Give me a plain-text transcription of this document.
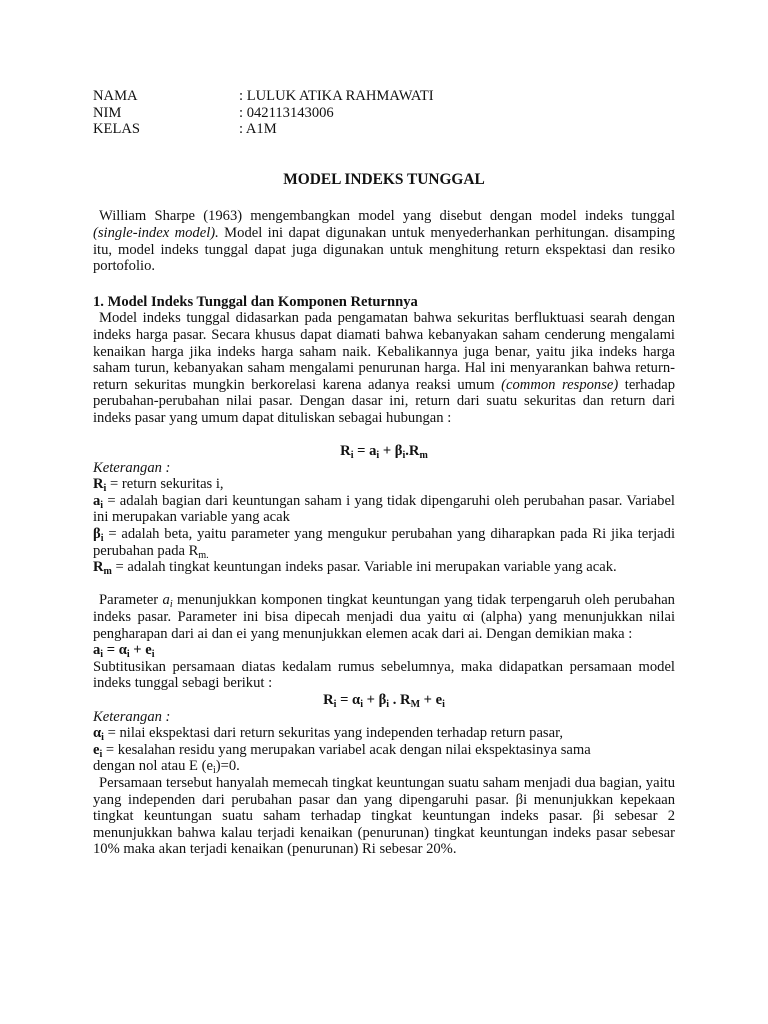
NAMA	: LULUK ATIKA RAHMAWATI
NIM	: 042113143006
KELAS	: A1M
MODEL INDEKS TUNGGAL

William Sharpe (1963) mengembangkan model yang disebut dengan model indeks tunggal (single-index model). Model ini dapat digunakan untuk menyederhankan perhitungan. disamping itu, model indeks tunggal dapat juga digunakan untuk menghitung return ekspektasi dan resiko portofolio.

1. Model Indeks Tunggal dan Komponen Returnnya

Model indeks tunggal didasarkan pada pengamatan bahwa sekuritas berfluktuasi searah dengan indeks harga pasar. Secara khusus dapat diamati bahwa kebanyakan saham cenderung mengalami kenaikan harga jika indeks harga saham naik. Kebalikannya juga benar, yaitu jika indeks harga saham turun, kebanyakan saham mengalami penurunan harga. Hal ini menyarankan bahwa return-return sekuritas mungkin berkorelasi karena adanya reaksi umum (common response) terhadap perubahan-perubahan nilai pasar. Dengan dasar ini, return dari suatu sekuritas dan return dari indeks pasar yang umum dapat dituliskan sebagai hubungan :

$R_i = a_i + \beta_i.R_m$
Keterangan :

$R_i$ = return sekuritas i,

$a_i$ = adalah bagian dari keuntungan saham i yang tidak dipengaruhi oleh perubahan pasar. Variabel ini merupakan variable yang acak

$\beta_i$ = adalah beta, yaitu parameter yang mengukur perubahan yang diharapkan pada Ri jika terjadi perubahan pada $R_{m.}$

$R_m$ = adalah tingkat keuntungan indeks pasar. Variable ini merupakan variable yang acak.

Parameter $a_i$ menunjukkan komponen tingkat keuntungan yang tidak terpengaruh oleh perubahan indeks pasar. Parameter ini bisa dipecah menjadi dua yaitu αi (alpha) yang menunjukkan nilai pengharapan dari ai dan ei yang menunjukkan elemen acak dari ai. Dengan demikian maka :

$a_i = \alpha_i + e_i$

Subtitusikan persamaan diatas kedalam rumus sebelumnya, maka didapatkan persamaan model indeks tunggal sebagi berikut :

$R_i = \alpha_i + \beta_i$ . $R_M + e_i$
Keterangan :

$\alpha_i$ = nilai ekspektasi dari return sekuritas yang independen terhadap return pasar,

$e_i$ = kesalahan residu yang merupakan variabel acak dengan nilai ekspektasinya sama

dengan nol atau E $(e_i)=0$.

Persamaan tersebut hanyalah memecah tingkat keuntungan suatu saham menjadi dua bagian, yaitu yang independen dari perubahan pasar dan yang dipengaruhi pasar. βi menunjukkan kepekaan tingkat keuntungan suatu saham terhadap tingkat keuntungan indeks pasar. βi sebesar 2 menunjukkan bahwa kalau terjadi kenaikan (penurunan) tingkat keuntungan indeks pasar sebesar 10% maka akan terjadi kenaikan (penurunan) Ri sebesar 20%.
